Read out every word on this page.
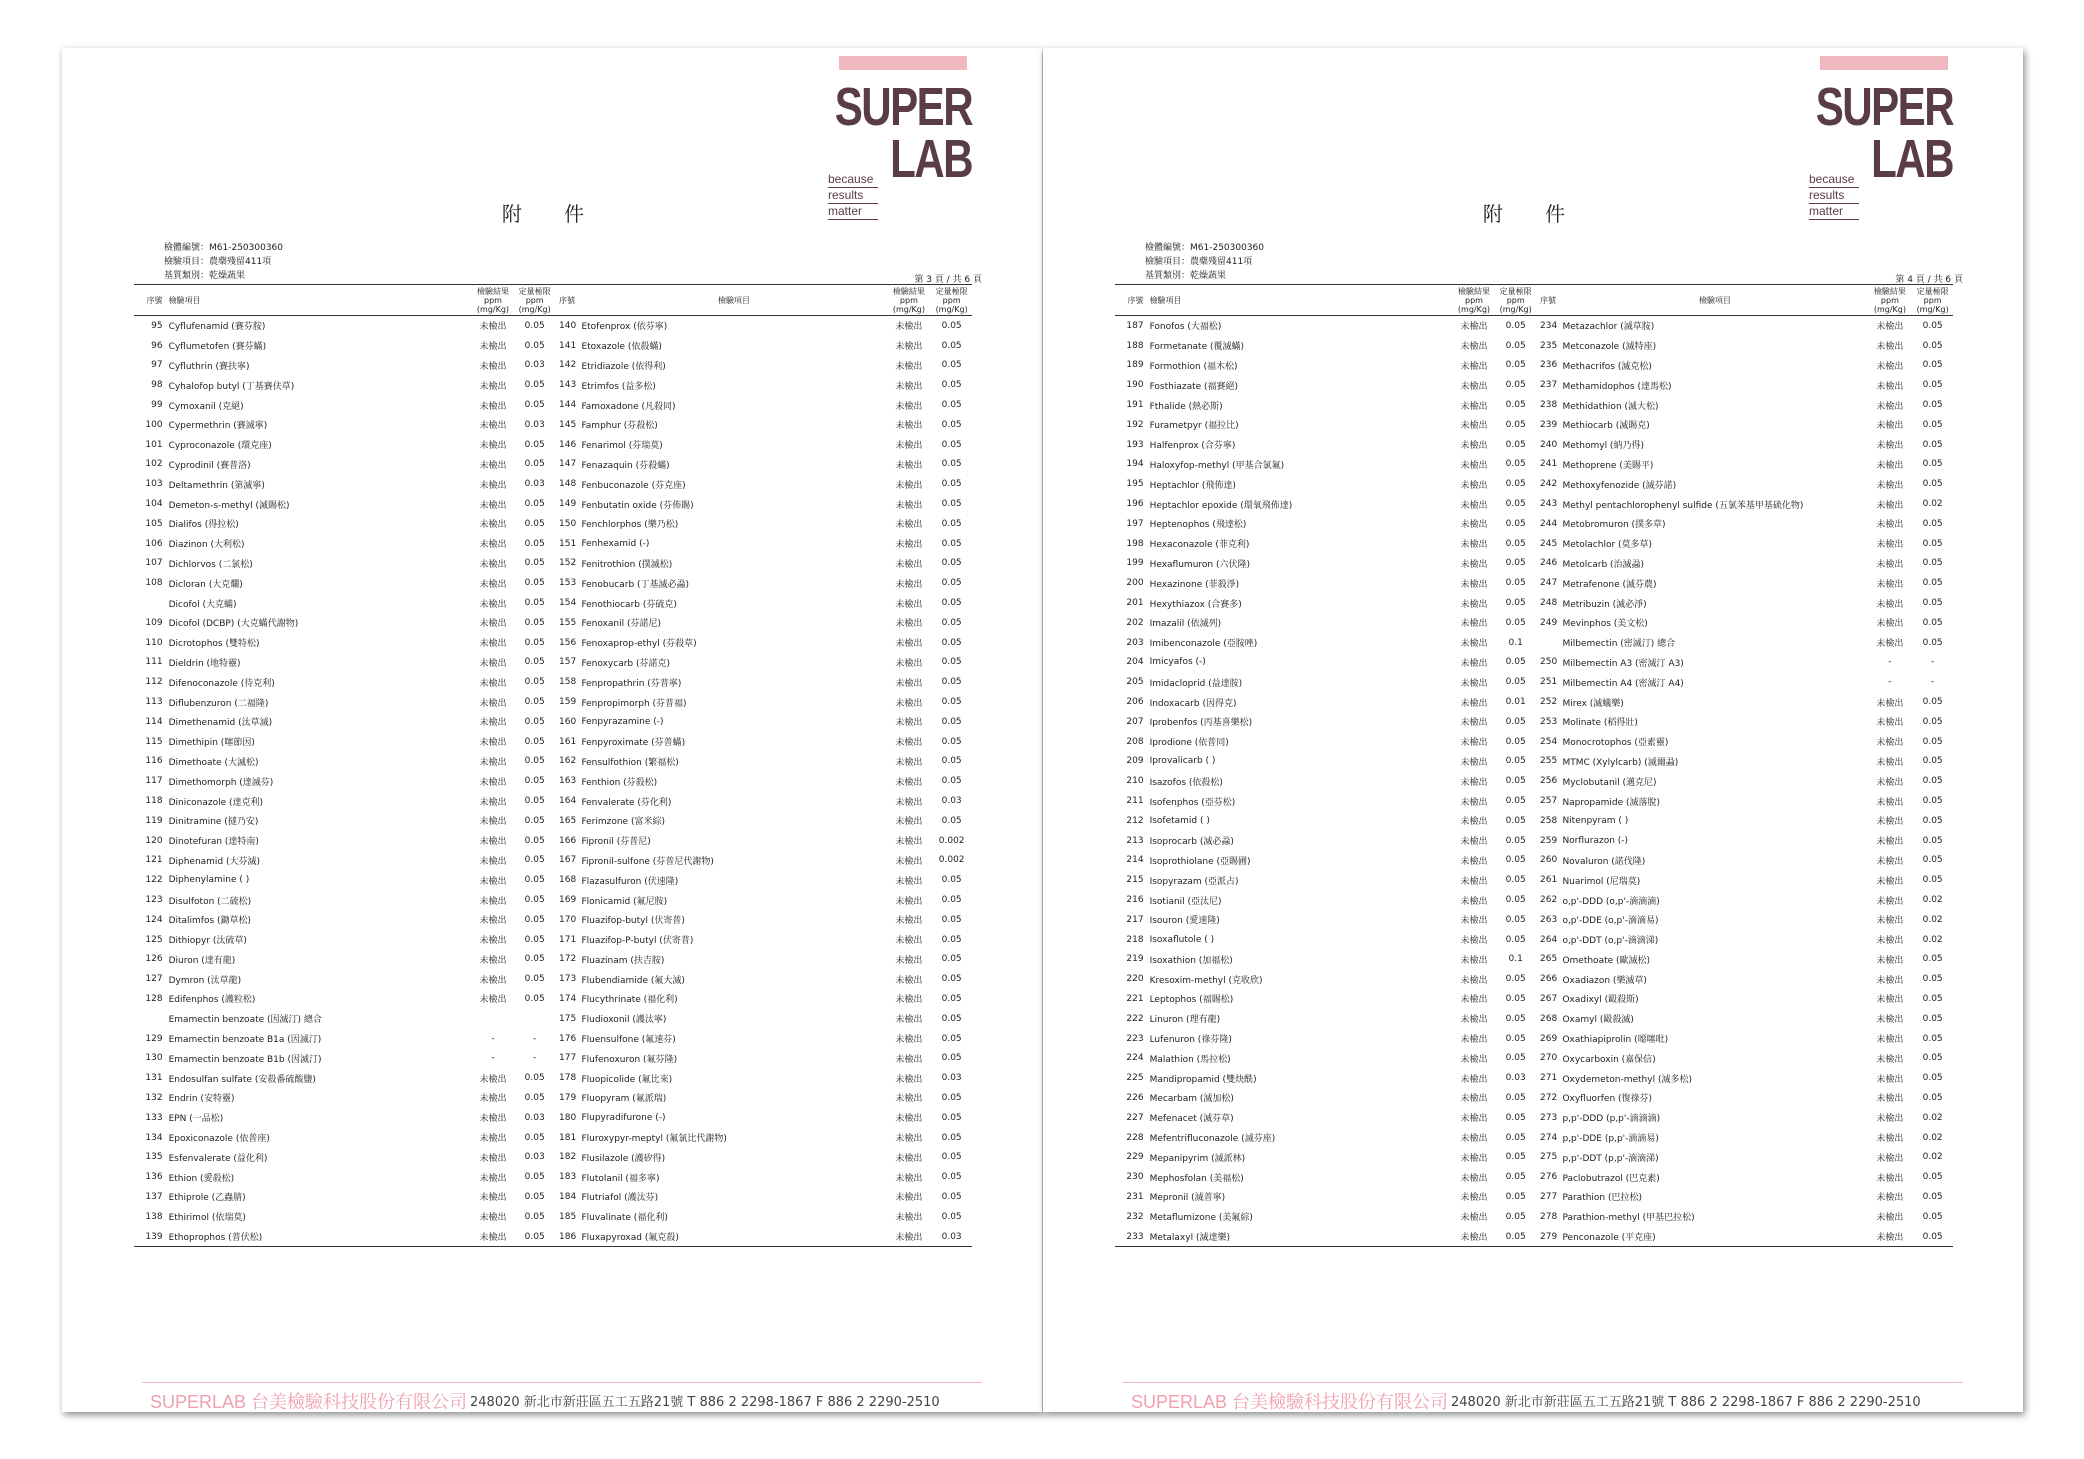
SUPER
LAB
because
results
matter
附 件
檢體編號：M61-250300360
檢驗項目：農藥殘留411項
基質類別：乾燥蔬果	第 3 頁 / 共 6 頁
序號	檢驗項目	檢驗結果 ppm (mg/Kg)	定量極限 ppm (mg/Kg)	序號	檢驗項目	檢驗結果 ppm (mg/Kg)	定量極限 ppm (mg/Kg)
95	Cyflufenamid (賽芬胺)	未檢出	0.05	140	Etofenprox (依芬寧)	未檢出	0.05
96	Cyflumetofen (賽芬蟎)	未檢出	0.05	141	Etoxazole (依殺蟎)	未檢出	0.05
97	Cyfluthrin (賽扶寧)	未檢出	0.03	142	Etridiazole (依得利)	未檢出	0.05
98	Cyhalofop butyl (丁基賽伕草)	未檢出	0.05	143	Etrimfos (益多松)	未檢出	0.05
99	Cymoxanil (克絕)	未檢出	0.05	144	Famoxadone (凡殺同)	未檢出	0.05
100	Cypermethrin (賽滅寧)	未檢出	0.03	145	Famphur (芬殺松)	未檢出	0.05
101	Cyproconazole (環克座)	未檢出	0.05	146	Fenarimol (芬瑞莫)	未檢出	0.05
102	Cyprodinil (賽普洛)	未檢出	0.05	147	Fenazaquin (芬殺蟎)	未檢出	0.05
103	Deltamethrin (第滅寧)	未檢出	0.03	148	Fenbuconazole (芬克座)	未檢出	0.05
104	Demeton-s-methyl (滅賜松)	未檢出	0.05	149	Fenbutatin oxide (芬佈賜)	未檢出	0.05
105	Dialifos (得拉松)	未檢出	0.05	150	Fenchlorphos (樂乃松)	未檢出	0.05
106	Diazinon (大利松)	未檢出	0.05	151	Fenhexamid (-)	未檢出	0.05
107	Dichlorvos (二氯松)	未檢出	0.05	152	Fenitrothion (撲滅松)	未檢出	0.05
108	Dicloran (大克爛)	未檢出	0.05	153	Fenobucarb (丁基滅必蝨)	未檢出	0.05
	Dicofol (大克蟎)	未檢出	0.05	154	Fenothiocarb (芬硫克)	未檢出	0.05
109	Dicofol (DCBP) (大克蟎代謝物)	未檢出	0.05	155	Fenoxanil (芬諾尼)	未檢出	0.05
110	Dicrotophos (雙特松)	未檢出	0.05	156	Fenoxaprop-ethyl (芬殺草)	未檢出	0.05
111	Dieldrin (地特靈)	未檢出	0.05	157	Fenoxycarb (芬諾克)	未檢出	0.05
112	Difenoconazole (待克利)	未檢出	0.05	158	Fenpropathrin (芬普寧)	未檢出	0.05
113	Diflubenzuron (二福隆)	未檢出	0.05	159	Fenpropimorph (芬普福)	未檢出	0.05
114	Dimethenamid (汰草滅)	未檢出	0.05	160	Fenpyrazamine (-)	未檢出	0.05
115	Dimethipin (噻節因)	未檢出	0.05	161	Fenpyroximate (芬普蟎)	未檢出	0.05
116	Dimethoate (大滅松)	未檢出	0.05	162	Fensulfothion (繁福松)	未檢出	0.05
117	Dimethomorph (達滅芬)	未檢出	0.05	163	Fenthion (芬殺松)	未檢出	0.05
118	Diniconazole (達克利)	未檢出	0.05	164	Fenvalerate (芬化利)	未檢出	0.03
119	Dinitramine (撻乃安)	未檢出	0.05	165	Ferimzone (富米綜)	未檢出	0.05
120	Dinotefuran (達特南)	未檢出	0.05	166	Fipronil (芬普尼)	未檢出	0.002
121	Diphenamid (大芬滅)	未檢出	0.05	167	Fipronil-sulfone (芬普尼代謝物)	未檢出	0.002
122	Diphenylamine ( )	未檢出	0.05	168	Flazasulfuron (伏速隆)	未檢出	0.05
123	Disulfoton (二硫松)	未檢出	0.05	169	Flonicamid (氟尼胺)	未檢出	0.05
124	Ditalimfos (鋤草松)	未檢出	0.05	170	Fluazifop-butyl (伏寄普)	未檢出	0.05
125	Dithiopyr (汰硫草)	未檢出	0.05	171	Fluazifop-P-butyl (伏寄普)	未檢出	0.05
126	Diuron (達有龍)	未檢出	0.05	172	Fluazinam (扶吉胺)	未檢出	0.05
127	Dymron (汰草龍)	未檢出	0.05	173	Flubendiamide (氟大滅)	未檢出	0.05
128	Edifenphos (護粒松)	未檢出	0.05	174	Flucythrinate (福化利)	未檢出	0.05
	Emamectin benzoate (因滅汀) 總合			175	Fludioxonil (護汰寧)	未檢出	0.05
129	Emamectin benzoate B1a (因滅汀)	-	-	176	Fluensulfone (氟速芬)	未檢出	0.05
130	Emamectin benzoate B1b (因滅汀)	-	-	177	Flufenoxuron (氟芬隆)	未檢出	0.05
131	Endosulfan sulfate (安殺番硫酸鹽)	未檢出	0.05	178	Fluopicolide (氟比來)	未檢出	0.03
132	Endrin (安特靈)	未檢出	0.05	179	Fluopyram (氟派瑞)	未檢出	0.05
133	EPN (一品松)	未檢出	0.03	180	Flupyradifurone (-)	未檢出	0.05
134	Epoxiconazole (依普座)	未檢出	0.05	181	Fluroxypyr-meptyl (氟氯比代謝物)	未檢出	0.05
135	Esfenvalerate (益化利)	未檢出	0.03	182	Flusilazole (護矽得)	未檢出	0.05
136	Ethion (愛殺松)	未檢出	0.05	183	Flutolanil (福多寧)	未檢出	0.05
137	Ethiprole (乙蟲腈)	未檢出	0.05	184	Flutriafol (護汰芬)	未檢出	0.05
138	Ethirimol (依瑞莫)	未檢出	0.05	185	Fluvalinate (福化利)	未檢出	0.05
139	Ethoprophos (普伏松)	未檢出	0.05	186	Fluxapyroxad (氟克殺)	未檢出	0.03
SUPERLAB 台美檢驗科技股份有限公司 248020 新北市新莊區五工五路21號 T 886 2 2298-1867 F 886 2 2290-2510
SUPER
LAB
because
results
matter
附 件
檢體編號：M61-250300360
檢驗項目：農藥殘留411項
基質類別：乾燥蔬果	第 4 頁 / 共 6 頁
序號	檢驗項目	檢驗結果 ppm (mg/Kg)	定量極限 ppm (mg/Kg)	序號	檢驗項目	檢驗結果 ppm (mg/Kg)	定量極限 ppm (mg/Kg)
187	Fonofos (大福松)	未檢出	0.05	234	Metazachlor (滅草胺)	未檢出	0.05
188	Formetanate (覆滅蟎)	未檢出	0.05	235	Metconazole (滅特座)	未檢出	0.05
189	Formothion (福木松)	未檢出	0.05	236	Methacrifos (滅克松)	未檢出	0.05
190	Fosthiazate (福賽絕)	未檢出	0.05	237	Methamidophos (達馬松)	未檢出	0.05
191	Fthalide (熱必斯)	未檢出	0.05	238	Methidathion (滅大松)	未檢出	0.05
192	Furametpyr (福拉比)	未檢出	0.05	239	Methiocarb (滅賜克)	未檢出	0.05
193	Halfenprox (合芬寧)	未檢出	0.05	240	Methomyl (納乃得)	未檢出	0.05
194	Haloxyfop-methyl (甲基合氯氟)	未檢出	0.05	241	Methoprene (美賜平)	未檢出	0.05
195	Heptachlor (飛佈達)	未檢出	0.05	242	Methoxyfenozide (滅芬諾)	未檢出	0.05
196	Heptachlor epoxide (環氧飛佈達)	未檢出	0.05	243	Methyl pentachlorophenyl sulfide (五氯苯基甲基硫化物)	未檢出	0.02
197	Heptenophos (飛達松)	未檢出	0.05	244	Metobromuron (撲多草)	未檢出	0.05
198	Hexaconazole (菲克利)	未檢出	0.05	245	Metolachlor (莫多草)	未檢出	0.05
199	Hexaflumuron (六伏隆)	未檢出	0.05	246	Metolcarb (治滅蝨)	未檢出	0.05
200	Hexazinone (菲殺淨)	未檢出	0.05	247	Metrafenone (滅芬農)	未檢出	0.05
201	Hexythiazox (合賽多)	未檢出	0.05	248	Metribuzin (滅必淨)	未檢出	0.05
202	Imazalil (依滅列)	未檢出	0.05	249	Mevinphos (美文松)	未檢出	0.05
203	Imibenconazole (亞胺唑)	未檢出	0.1		Milbemectin (密滅汀) 總合	未檢出	0.05
204	Imicyafos (-)	未檢出	0.05	250	Milbemectin A3 (密滅汀 A3)	-	-
205	Imidacloprid (益達胺)	未檢出	0.05	251	Milbemectin A4 (密滅汀 A4)	-	-
206	Indoxacarb (因得克)	未檢出	0.01	252	Mirex (滅蟻樂)	未檢出	0.05
207	Iprobenfos (丙基喜樂松)	未檢出	0.05	253	Molinate (稻得壯)	未檢出	0.05
208	Iprodione (依普同)	未檢出	0.05	254	Monocrotophos (亞素靈)	未檢出	0.05
209	Iprovalicarb ( )	未檢出	0.05	255	MTMC (Xylylcarb) (滅爾蝨)	未檢出	0.05
210	Isazofos (依殺松)	未檢出	0.05	256	Myclobutanil (邁克尼)	未檢出	0.05
211	Isofenphos (亞芬松)	未檢出	0.05	257	Napropamide (滅落脫)	未檢出	0.05
212	Isofetamid ( )	未檢出	0.05	258	Nitenpyram ( )	未檢出	0.05
213	Isoprocarb (滅必蝨)	未檢出	0.05	259	Norflurazon (-)	未檢出	0.05
214	Isoprothiolane (亞賜圃)	未檢出	0.05	260	Novaluron (諾伐隆)	未檢出	0.05
215	Isopyrazam (亞派占)	未檢出	0.05	261	Nuarimol (尼瑞莫)	未檢出	0.05
216	Isotianil (亞汰尼)	未檢出	0.05	262	o,p'-DDD (o,p'-滴滴滴)	未檢出	0.02
217	Isouron (愛速隆)	未檢出	0.05	263	o,p'-DDE (o,p'-滴滴易)	未檢出	0.02
218	Isoxaflutole ( )	未檢出	0.05	264	o,p'-DDT (o,p'-滴滴涕)	未檢出	0.02
219	Isoxathion (加福松)	未檢出	0.1	265	Omethoate (歐滅松)	未檢出	0.05
220	Kresoxim-methyl (克收欣)	未檢出	0.05	266	Oxadiazon (樂滅草)	未檢出	0.05
221	Leptophos (福賜松)	未檢出	0.05	267	Oxadixyl (毆殺斯)	未檢出	0.05
222	Linuron (理有龍)	未檢出	0.05	268	Oxamyl (毆殺滅)	未檢出	0.05
223	Lufenuron (祿芬隆)	未檢出	0.05	269	Oxathiapiprolin (噁噻吡)	未檢出	0.05
224	Malathion (馬拉松)	未檢出	0.05	270	Oxycarboxin (嘉保信)	未檢出	0.05
225	Mandipropamid (雙炔酰)	未檢出	0.03	271	Oxydemeton-methyl (滅多松)	未檢出	0.05
226	Mecarbam (滅加松)	未檢出	0.05	272	Oxyfluorfen (復祿芬)	未檢出	0.05
227	Mefenacet (滅芬草)	未檢出	0.05	273	p,p'-DDD (p,p'-滴滴滴)	未檢出	0.02
228	Mefentrifluconazole (滅芬座)	未檢出	0.05	274	p,p'-DDE (p,p'-滴滴易)	未檢出	0.02
229	Mepanipyrim (滅派林)	未檢出	0.05	275	p,p'-DDT (p,p'-滴滴涕)	未檢出	0.02
230	Mephosfolan (美福松)	未檢出	0.05	276	Paclobutrazol (巴克素)	未檢出	0.05
231	Mepronil (滅普寧)	未檢出	0.05	277	Parathion (巴拉松)	未檢出	0.05
232	Metaflumizone (美氟綜)	未檢出	0.05	278	Parathion-methyl (甲基巴拉松)	未檢出	0.05
233	Metalaxyl (滅達樂)	未檢出	0.05	279	Penconazole (平克座)	未檢出	0.05
SUPERLAB 台美檢驗科技股份有限公司 248020 新北市新莊區五工五路21號 T 886 2 2298-1867 F 886 2 2290-2510
